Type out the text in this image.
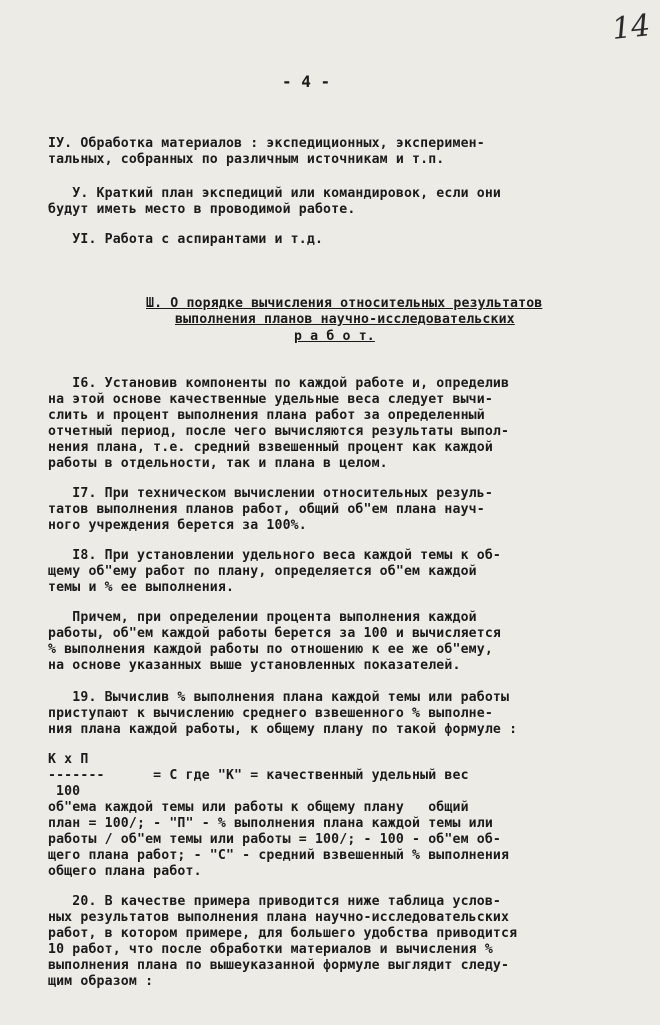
14
- 4 -
IУ. Обработка материалов : экспедиционных, эксперимен-
тальных, собранных по различным источникам и т.п.
У. Краткий план экспедиций или командировок, если они
будут иметь место в проводимой работе.
УI. Работа с аспирантами и т.д.
Ш. О порядке вычисления относительных результатов
выполнения планов научно-исследовательских
р а б о т.
I6. Установив компоненты по каждой работе и, определив
на этой основе качественные удельные веса следует вычи-
слить и процент выполнения плана работ за определенный
отчетный период, после чего вычисляются результаты выпол-
нения плана, т.е. средний взвешенный процент как каждой
работы в отдельности, так и плана в целом.
I7. При техническом вычислении относительных резуль-
татов выполнения планов работ, общий об"ем плана науч-
ного учреждения берется за 100%.
I8. При установлении удельного веса каждой темы к об-
щему об"ему работ по плану, определяется об"ем каждой
темы и % ее выполнения.
Причем, при определении процента выполнения каждой
работы, об"ем каждой работы берется за 100 и вычисляется
% выполнения каждой работы по отношению к ее же об"ему,
на основе указанных выше установленных показателей.
19. Вычислив % выполнения плана каждой темы или работы
приступают к вычислению среднего взвешенного % выполне-
ния плана каждой работы, к общему плану по такой формуле :
К х П
-------      = С где "К" = качественный удельный вес
100
об"ема каждой темы или работы к общему плану   общий
план = 100/; - "П" - % выполнения плана каждой темы или
работы / об"ем темы или работы = 100/; - 100 - об"ем об-
щего плана работ; - "С" - средний взвешенный % выполнения
общего плана работ.
20. В качестве примера приводится ниже таблица услов-
ных результатов выполнения плана научно-исследовательских
работ, в котором примере, для большего удобства приводится
10 работ, что после обработки материалов и вычисления %
выполнения плана по вышеуказанной формуле выглядит следу-
щим образом :
